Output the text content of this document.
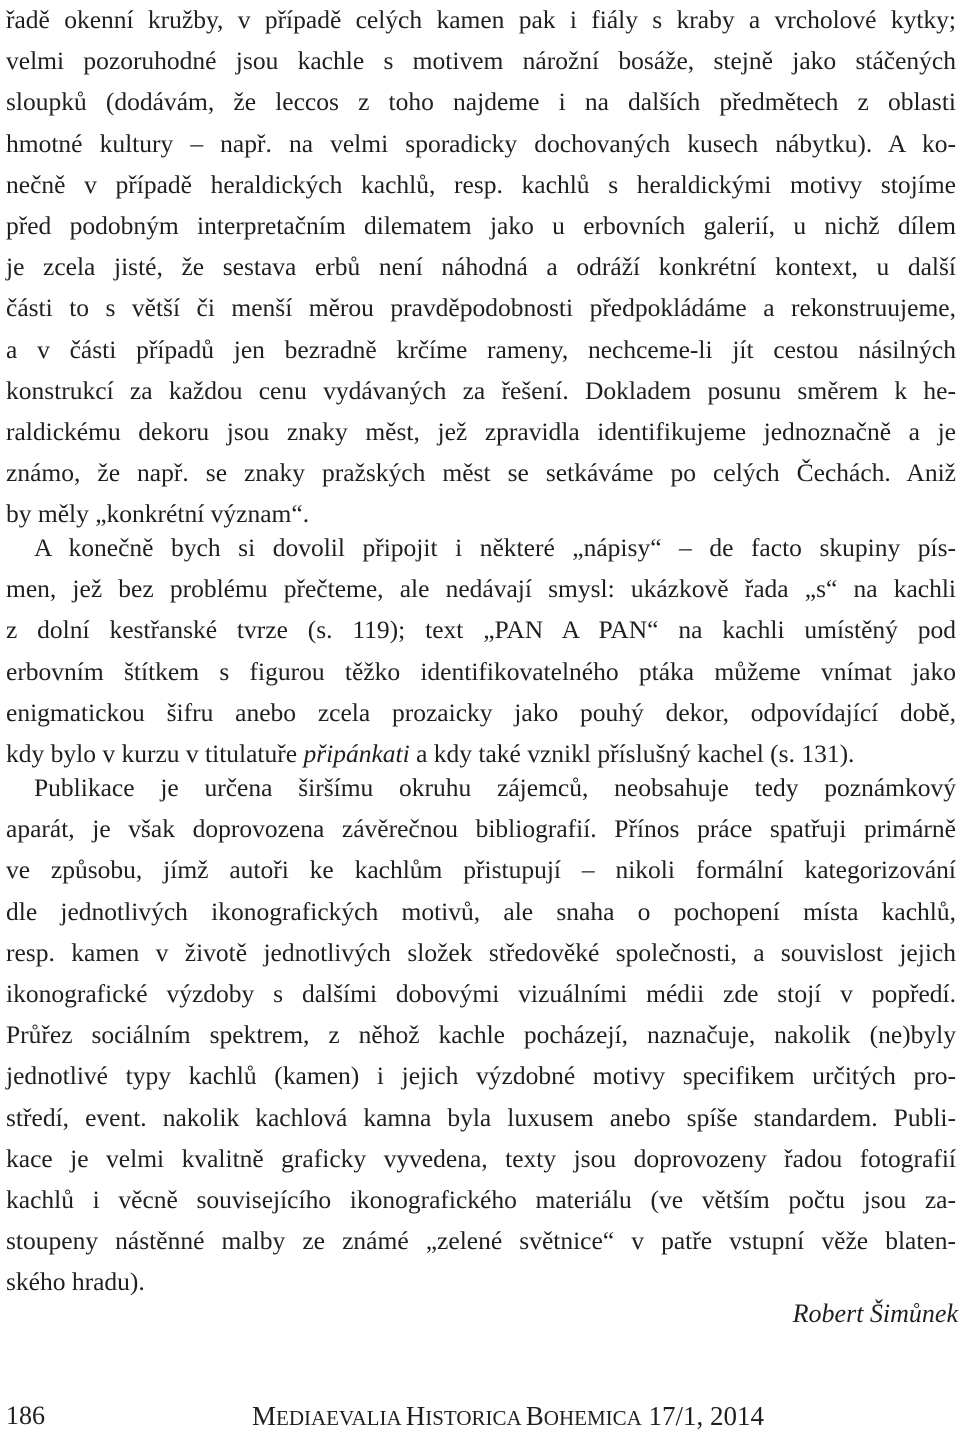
řadě okenní kružby, v případě celých kamen pak i fiály s kraby a vrcholové kytky;
velmi pozoruhodné jsou kachle s motivem nárožní bosáže, stejně jako stáčených
sloupků (dodávám, že leccos z toho najdeme i na dalších předmětech z oblasti
hmotné kultury – např. na velmi sporadicky dochovaných kusech nábytku). A ko-
nečně v případě heraldických kachlů, resp. kachlů s heraldickými motivy stojíme
před podobným interpretačním dilematem jako u erbovních galerií, u nichž dílem
je zcela jisté, že sestava erbů není náhodná a odráží konkrétní kontext, u další
části to s větší či menší měrou pravděpodobnosti předpokládáme a rekonstruujeme,
a v části případů jen bezradně krčíme rameny, nechceme-li jít cestou násilných
konstrukcí za každou cenu vydávaných za řešení. Dokladem posunu směrem k he-
raldickému dekoru jsou znaky měst, jež zpravidla identifikujeme jednoznačně a je
známo, že např. se znaky pražských měst se setkáváme po celých Čechách. Aniž
by měly „konkrétní význam“.
A konečně bych si dovolil připojit i některé „nápisy“ – de facto skupiny pís-
men, jež bez problému přečteme, ale nedávají smysl: ukázkově řada „s“ na kachli
z dolní kestřanské tvrze (s. 119); text „PAN A PAN“ na kachli umístěný pod
erbovním štítkem s figurou těžko identifikovatelného ptáka můžeme vnímat jako
enigmatickou šifru anebo zcela prozaicky jako pouhý dekor, odpovídající době,
kdy bylo v kurzu v titulatuře připánkati a kdy také vznikl příslušný kachel (s. 131).
Publikace je určena širšímu okruhu zájemců, neobsahuje tedy poznámkový
aparát, je však doprovozena závěrečnou bibliografií. Přínos práce spatřuji primárně
ve způsobu, jímž autoři ke kachlům přistupují – nikoli formální kategorizování
dle jednotlivých ikonografických motivů, ale snaha o pochopení místa kachlů,
resp. kamen v životě jednotlivých složek středověké společnosti, a souvislost jejich
ikonografické výzdoby s dalšími dobovými vizuálními médii zde stojí v popředí.
Průřez sociálním spektrem, z něhož kachle pocházejí, naznačuje, nakolik (ne)byly
jednotlivé typy kachlů (kamen) i jejich výzdobné motivy specifikem určitých pro-
středí, event. nakolik kachlová kamna byla luxusem anebo spíše standardem. Publi-
kace je velmi kvalitně graficky vyvedena, texty jsou doprovozeny řadou fotografií
kachlů i věcně souvisejícího ikonografického materiálu (ve větším počtu jsou za-
stoupeny nástěnné malby ze známé „zelené světnice“ v patře vstupní věže blaten-
ského hradu).
Robert Šimůnek
186	MEDIAEVALIA HISTORICA BOHEMICA 17/1, 2014
